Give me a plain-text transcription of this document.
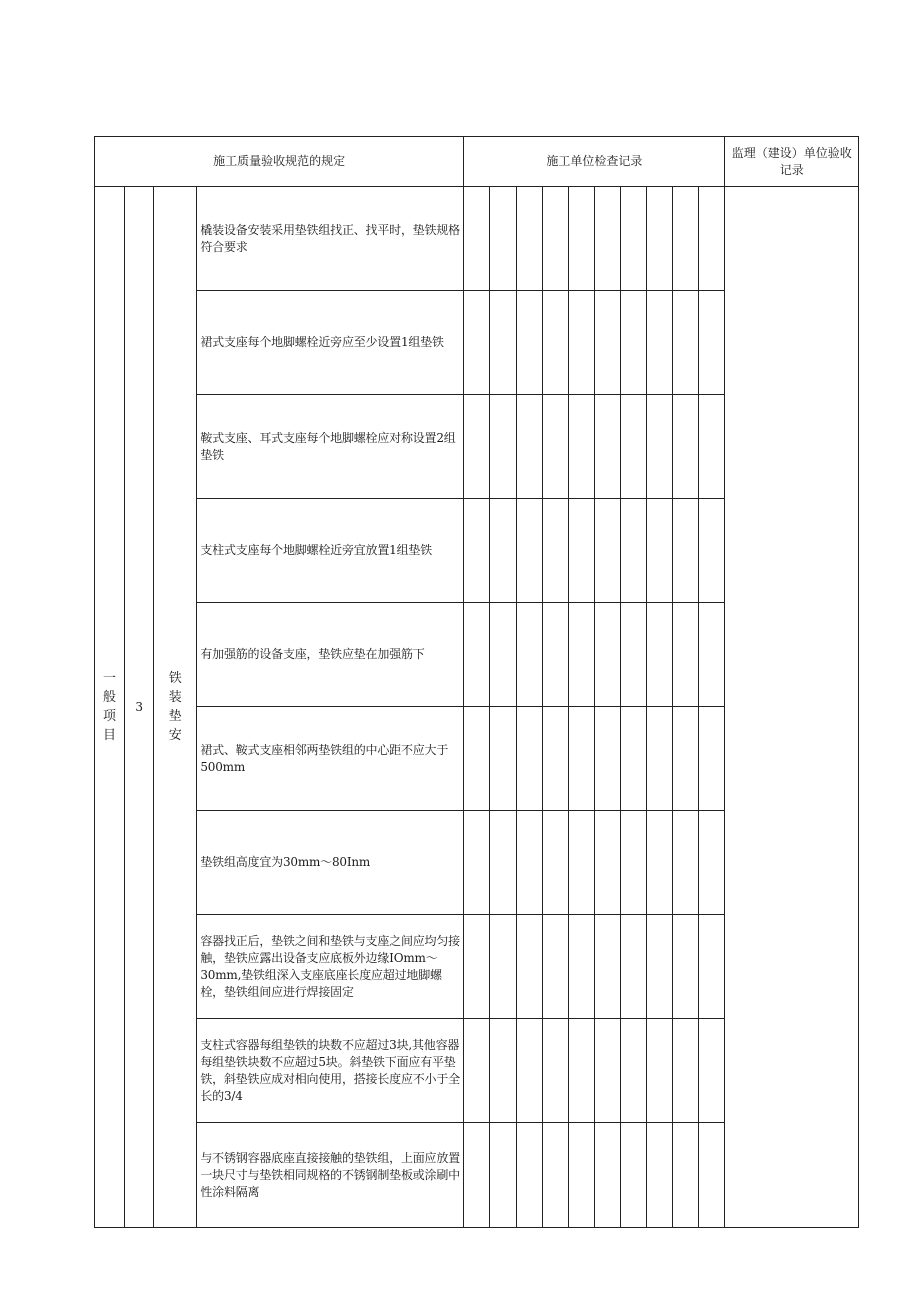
施工质量验收规范的规定				施工单位检查记录										监理（建设）单位验收记录
一般项目	3	铁装垫安	橇装设备安装采用垫铁组找正、找平时，垫铁规格符合要求											
			裙式支座每个地脚螺栓近旁应至少设置1组垫铁											
			鞍式支座、耳式支座每个地脚螺栓应对称设置2组垫铁											
			支柱式支座每个地脚螺栓近旁宜放置1组垫铁											
			有加强筋的设备支座，垫铁应垫在加强筋下											
			裙式、鞍式支座相邻两垫铁组的中心距不应大于500mm											
			垫铁组高度宜为30mm～80Inm											
			容器找正后，垫铁之间和垫铁与支座之间应均匀接触，垫铁应露出设备支应底板外边缘IOmm～30mm,垫铁组深入支座底座长度应超过地脚螺栓，垫铁组间应进行焊接固定											
			支柱式容器每组垫铁的块数不应超过3块,其他容器每组垫铁块数不应超过5块。斜垫铁下面应有平垫铁，斜垫铁应成对相向使用，搭接长度应不小于全长的3/4											
			与不锈钢容器底座直接接触的垫铁组，上面应放置一块尺寸与垫铁相同规格的不锈钢制垫板或涂刷中性涂料隔离											
